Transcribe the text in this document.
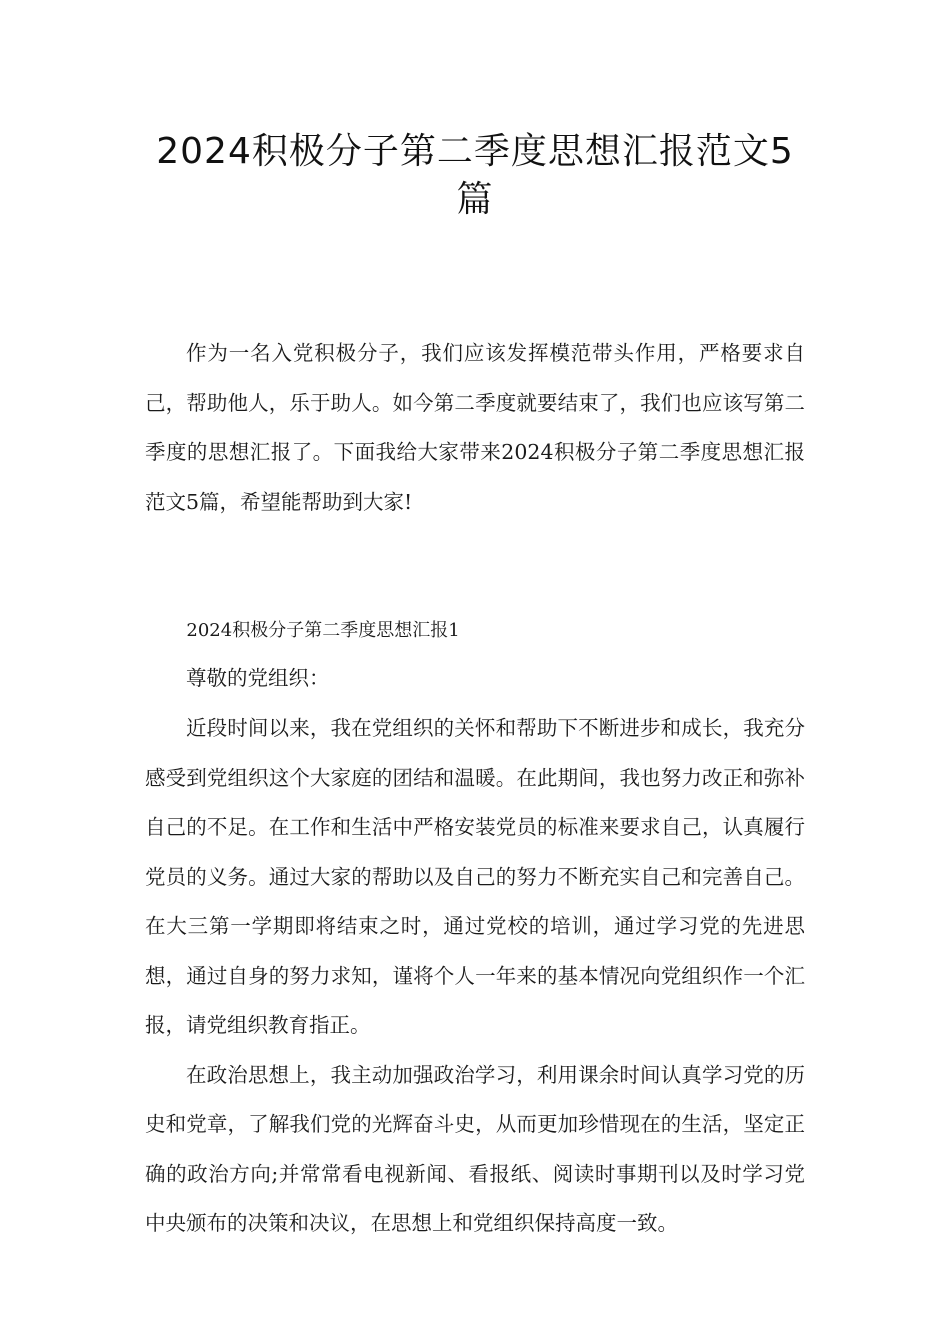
2024积极分子第二季度思想汇报范文5篇

作为一名入党积极分子，我们应该发挥模范带头作用，严格要求自己，帮助他人，乐于助人。如今第二季度就要结束了，我们也应该写第二季度的思想汇报了。下面我给大家带来2024积极分子第二季度思想汇报范文5篇，希望能帮助到大家!

2024积极分子第二季度思想汇报1

尊敬的党组织：

近段时间以来，我在党组织的关怀和帮助下不断进步和成长，我充分感受到党组织这个大家庭的团结和温暖。在此期间，我也努力改正和弥补自己的不足。在工作和生活中严格安装党员的标准来要求自己，认真履行党员的义务。通过大家的帮助以及自己的努力不断充实自己和完善自己。在大三第一学期即将结束之时，通过党校的培训，通过学习党的先进思想，通过自身的努力求知，谨将个人一年来的基本情况向党组织作一个汇报，请党组织教育指正。

在政治思想上，我主动加强政治学习，利用课余时间认真学习党的历史和党章，了解我们党的光辉奋斗史，从而更加珍惜现在的生活，坚定正确的政治方向;并常常看电视新闻、看报纸、阅读时事期刊以及时学习党中央颁布的决策和决议，在思想上和党组织保持高度一致。
